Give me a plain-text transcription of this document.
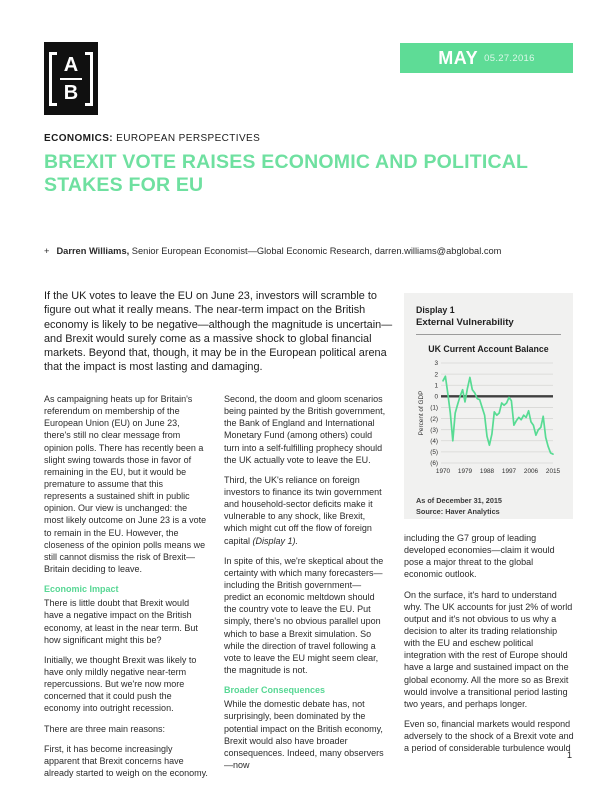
A
B
MAY 05.27.2016
ECONOMICS: EUROPEAN PERSPECTIVES
BREXIT VOTE RAISES ECONOMIC AND POLITICAL STAKES FOR EU
+ Darren Williams, Senior European Economist—Global Economic Research, darren.williams@abglobal.com
If the UK votes to leave the EU on June 23, investors will scramble to figure out what it really means. The near-term impact on the British economy is likely to be negative—although the magnitude is uncertain—and Brexit would surely come as a massive shock to global financial markets. Beyond that, though, it may be in the European political arena that the impact is most lasting and damaging.

As campaigning heats up for Britain's referendum on membership of the European Union (EU) on June 23, there's still no clear message from opinion polls. There has recently been a slight swing towards those in favor of remaining in the EU, but it would be premature to assume that this represents a sustained shift in public opinion. Our view is unchanged: the most likely outcome on June 23 is a vote to remain in the EU. However, the closeness of the opinion polls means we still cannot dismiss the risk of Brexit—Britain deciding to leave.

Economic Impact

There is little doubt that Brexit would have a negative impact on the British economy, at least in the near term. But how significant might this be?

Initially, we thought Brexit was likely to have only mildly negative near-term repercussions. But we're now more concerned that it could push the economy into outright recession.

There are three main reasons:

First, it has become increasingly apparent that Brexit concerns have already started to weigh on the economy.

Second, the doom and gloom scenarios being painted by the British government, the Bank of England and International Monetary Fund (among others) could turn into a self-fulfilling prophecy should the UK actually vote to leave the EU.

Third, the UK's reliance on foreign investors to finance its twin government and household-sector deficits make it vulnerable to any shock, like Brexit, which might cut off the flow of foreign capital (Display 1).

In spite of this, we're skeptical about the certainty with which many forecasters—including the British government—predict an economic meltdown should the country vote to leave the EU. Put simply, there's no obvious parallel upon which to base a Brexit simulation. So while the direction of travel following a vote to leave the EU might seem clear, the magnitude is not.

Broader Consequences

While the domestic debate has, not surprisingly, been dominated by the potential impact on the British economy, Brexit would also have broader consequences. Indeed, many observers—now

including the G7 group of leading developed economies—claim it would pose a major threat to the global economic outlook.

On the surface, it's hard to understand why. The UK accounts for just 2% of world output and it's not obvious to us why a decision to alter its trading relationship with the EU and eschew political integration with the rest of Europe should have a large and sustained impact on the global economy. All the more so as Brexit would involve a transitional period lasting two years, and perhaps longer.

Even so, financial markets would respond adversely to the shock of a Brexit vote and a period of considerable turbulence would

Display 1
External Vulnerability
UK Current Account Balance
3
2
1
0
(1)
(2)
(3)
(4)
(5)
(6)
1970 1979 1988 1997 2006 2015
Percent of GDP
As of December 31, 2015
Source: Haver Analytics
1
